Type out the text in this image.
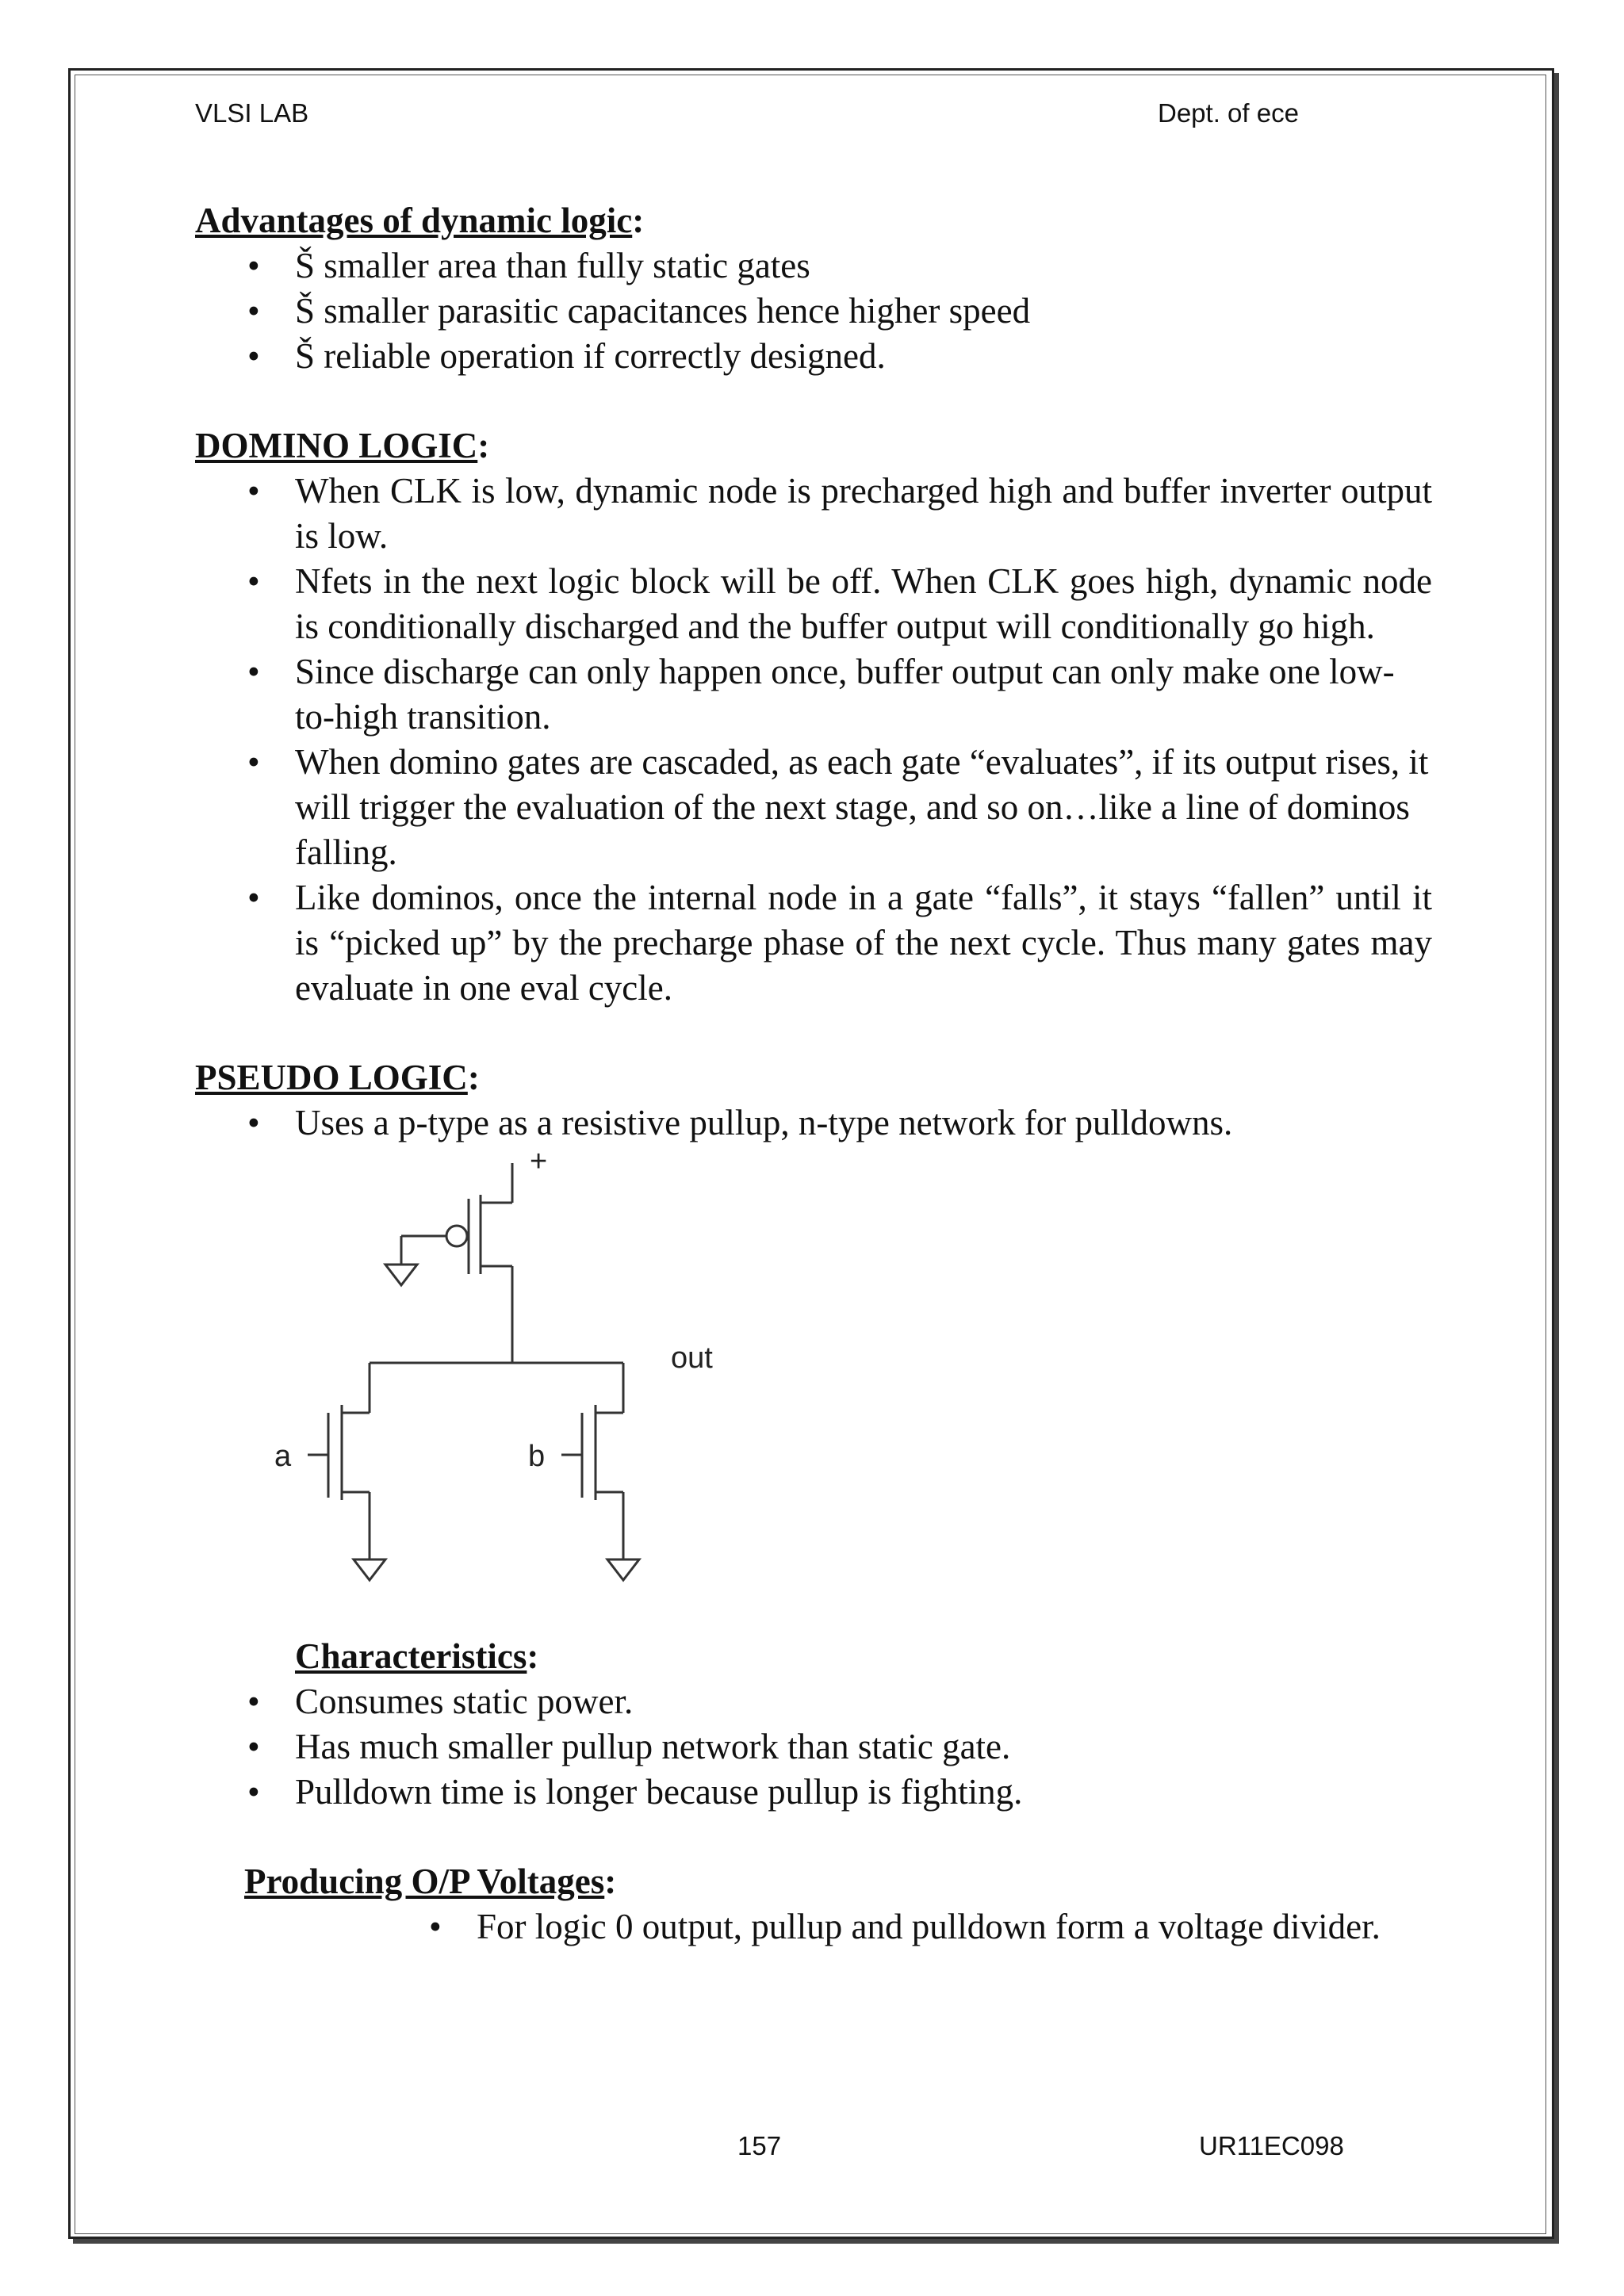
VLSI LAB	Dept. of ece
Advantages of dynamic logic:
• Š smaller area than fully static gates
• Š smaller parasitic capacitances hence higher speed
• Š reliable operation if correctly designed.
DOMINO LOGIC:
• When CLK is low, dynamic node is precharged high and buffer inverter output is low.
• Nfets in the next logic block will be off. When CLK goes high, dynamic node is conditionally discharged and the buffer output will conditionally go high.
• Since discharge can only happen once, buffer output can only make one low-to-high transition.
• When domino gates are cascaded, as each gate “evaluates”, if its output rises, it will trigger the evaluation of the next stage, and so on…like a line of dominos falling.
• Like dominos, once the internal node in a gate “falls”, it stays “fallen” until it is “picked up” by the precharge phase of the next cycle. Thus many gates may evaluate in one eval cycle.
PSEUDO LOGIC:
• Uses a p-type as a resistive pullup, n-type network for pulldowns.
+
out
a	b
Characteristics:
• Consumes static power.
• Has much smaller pullup network than static gate.
• Pulldown time is longer because pullup is fighting.
Producing O/P Voltages:
• For logic 0 output, pullup and pulldown form a voltage divider.
157	UR11EC098
